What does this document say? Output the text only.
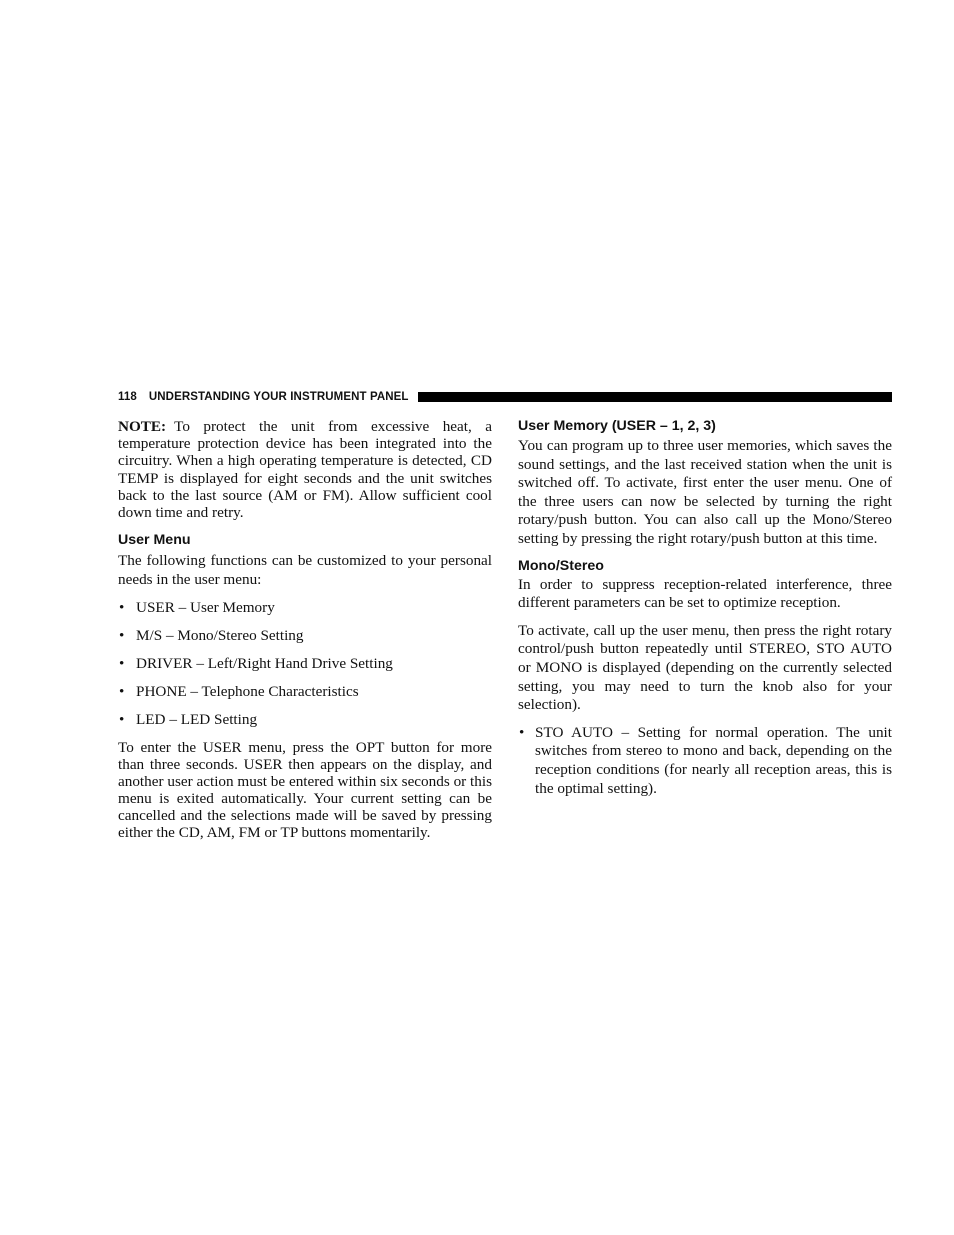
118 UNDERSTANDING YOUR INSTRUMENT PANEL

NOTE: To protect the unit from excessive heat, a temperature protection device has been integrated into the circuitry. When a high operating temperature is detected, CD TEMP is displayed for eight seconds and the unit switches back to the last source (AM or FM). Allow sufficient cool down time and retry.

User Menu

The following functions can be customized to your personal needs in the user menu:

• USER – User Memory
• M/S – Mono/Stereo Setting
• DRIVER – Left/Right Hand Drive Setting
• PHONE – Telephone Characteristics
• LED – LED Setting

To enter the USER menu, press the OPT button for more than three seconds. USER then appears on the display, and another user action must be entered within six seconds or this menu is exited automatically. Your current setting can be cancelled and the selections made will be saved by pressing either the CD, AM, FM or TP buttons momentarily.

User Memory (USER – 1, 2, 3)

You can program up to three user memories, which saves the sound settings, and the last received station when the unit is switched off. To activate, first enter the user menu. One of the three users can now be selected by turning the right rotary/push button. You can also call up the Mono/Stereo setting by pressing the right rotary/push button at this time.

Mono/Stereo

In order to suppress reception-related interference, three different parameters can be set to optimize reception.

To activate, call up the user menu, then press the right rotary control/push button repeatedly until STEREO, STO AUTO or MONO is displayed (depending on the currently selected setting, you may need to turn the knob also for your selection).

• STO AUTO – Setting for normal operation. The unit switches from stereo to mono and back, depending on the reception conditions (for nearly all reception areas, this is the optimal setting).
